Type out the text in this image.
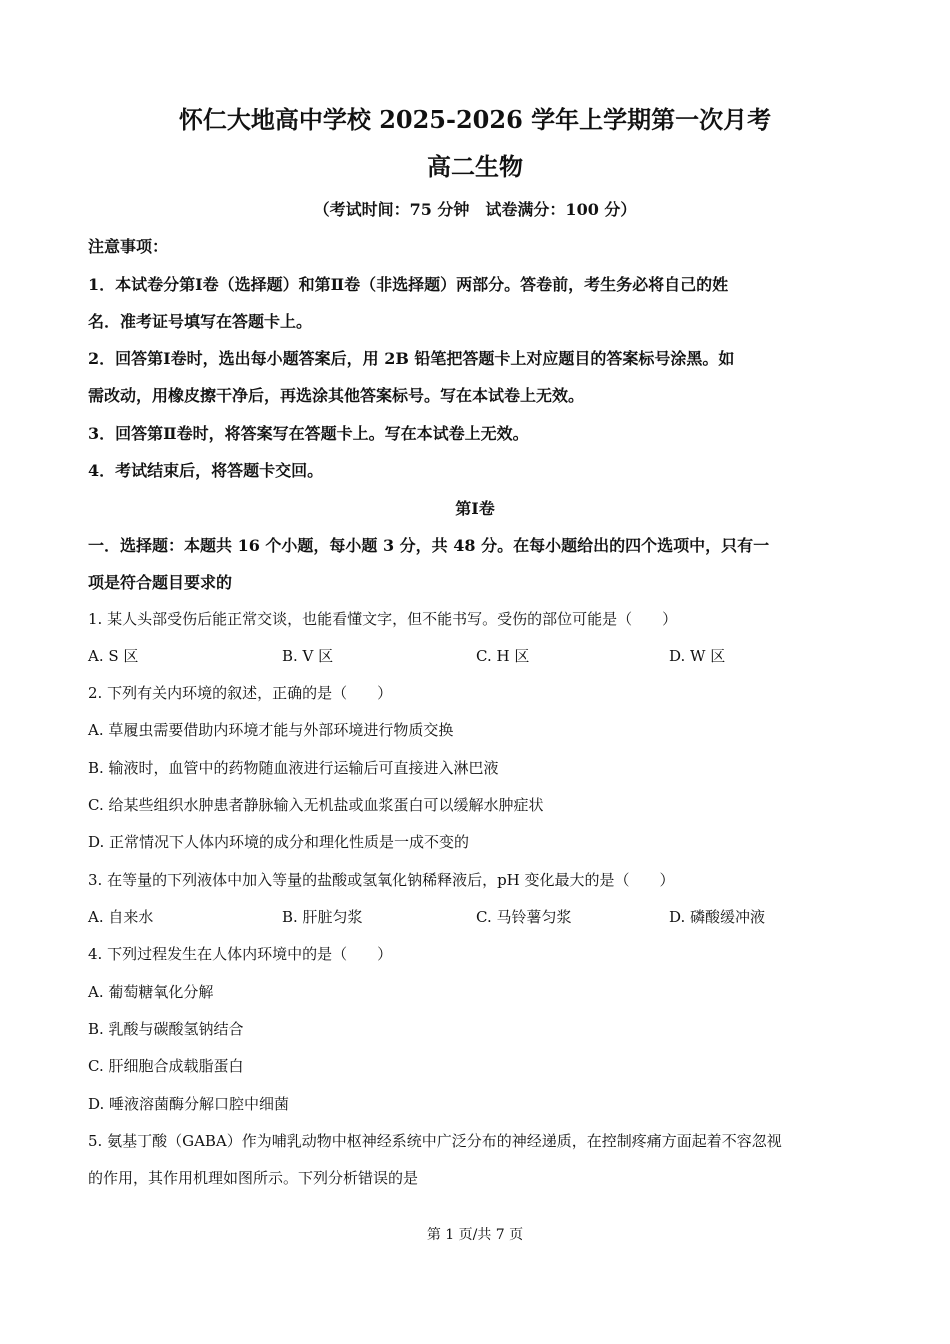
怀仁大地高中学校 2025-2026 学年上学期第一次月考
高二生物
（考试时间：75 分钟　试卷满分：100 分）
注意事项：
1．本试卷分第Ⅰ卷（选择题）和第Ⅱ卷（非选择题）两部分。答卷前，考生务必将自己的姓
名．准考证号填写在答题卡上。
2．回答第Ⅰ卷时，选出每小题答案后，用 2B 铅笔把答题卡上对应题目的答案标号涂黑。如
需改动，用橡皮擦干净后，再选涂其他答案标号。写在本试卷上无效。
3．回答第Ⅱ卷时，将答案写在答题卡上。写在本试卷上无效。
4．考试结束后，将答题卡交回。
第Ⅰ卷
一．选择题：本题共 16 个小题，每小题 3 分，共 48 分。在每小题给出的四个选项中，只有一
项是符合题目要求的
1. 某人头部受伤后能正常交谈，也能看懂文字，但不能书写。受伤的部位可能是（　　）
A. S 区	B. V 区	C. H 区	D. W 区
2. 下列有关内环境的叙述，正确的是（　　）
A. 草履虫需要借助内环境才能与外部环境进行物质交换
B. 输液时，血管中的药物随血液进行运输后可直接进入淋巴液
C. 给某些组织水肿患者静脉输入无机盐或血浆蛋白可以缓解水肿症状
D. 正常情况下人体内环境的成分和理化性质是一成不变的
3. 在等量的下列液体中加入等量的盐酸或氢氧化钠稀释液后，pH 变化最大的是（　　）
A. 自来水	B. 肝脏匀浆	C. 马铃薯匀浆	D. 磷酸缓冲液
4. 下列过程发生在人体内环境中的是（　　）
A. 葡萄糖氧化分解
B. 乳酸与碳酸氢钠结合
C. 肝细胞合成载脂蛋白
D. 唾液溶菌酶分解口腔中细菌
5. 氨基丁酸（GABA）作为哺乳动物中枢神经系统中广泛分布的神经递质，在控制疼痛方面起着不容忽视
的作用，其作用机理如图所示。下列分析错误的是
第 1 页/共 7 页
